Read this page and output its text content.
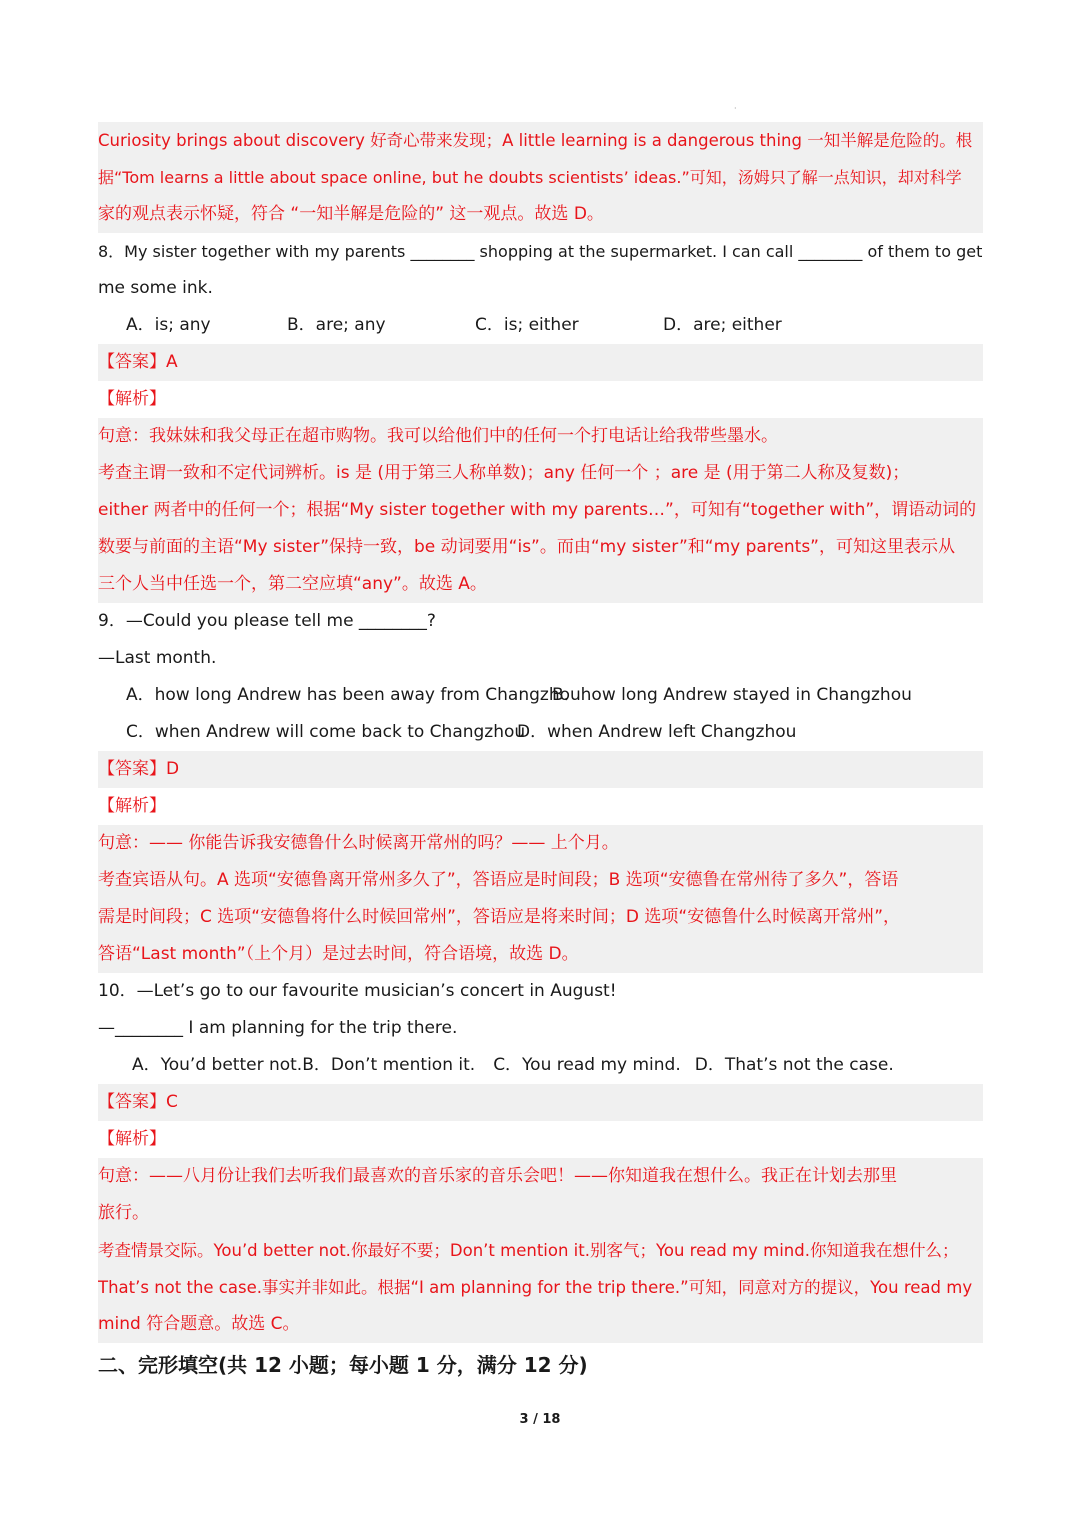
·
Curiosity brings about discovery 好奇心带来发现；A little learning is a dangerous thing 一知半解是危险的。根
据“Tom learns a little about space online, but he doubts scientists’ ideas.”可知，汤姆只了解一点知识，却对科学
家的观点表示怀疑，符合 “一知半解是危险的” 这一观点。故选 D。
8．My sister together with my parents ________ shopping at the supermarket. I can call ________ of them to get
me some ink.
A．is; any	B．are; any	C．is; either	D．are; either
【答案】A
【解析】
句意：我妹妹和我父母正在超市购物。我可以给他们中的任何一个打电话让给我带些墨水。
考查主谓一致和不定代词辨析。is 是 (用于第三人称单数)；any 任何一个 ；are 是 (用于第二人称及复数)；
either 两者中的任何一个；根据“My sister together with my parents…”，可知有“together with”，谓语动词的
数要与前面的主语“My sister”保持一致，be 动词要用“is”。而由“my sister”和“my parents”，可知这里表示从
三个人当中任选一个，第二空应填“any”。故选 A。
9．—Could you please tell me ________?
—Last month.
A．how long Andrew has been away from ChangzhouB．how long Andrew stayed in Changzhou
C．when Andrew will come back to ChangzhouD．when Andrew left Changzhou
【答案】D
【解析】
句意：—— 你能告诉我安德鲁什么时候离开常州的吗？—— 上个月。
考查宾语从句。A 选项“安德鲁离开常州多久了”，答语应是时间段；B 选项“安德鲁在常州待了多久”，答语
需是时间段；C 选项“安德鲁将什么时候回常州”，答语应是将来时间；D 选项“安德鲁什么时候离开常州”，
答语“Last month”（上个月）是过去时间，符合语境，故选 D。
10．—Let’s go to our favourite musician’s concert in August!
—________ I am planning for the trip there.
A．You’d better not.B．Don’t mention it. C．You read my mind. D．That’s not the case.
【答案】C
【解析】
句意：——八月份让我们去听我们最喜欢的音乐家的音乐会吧！——你知道我在想什么。我正在计划去那里
旅行。
考查情景交际。You’d better not.你最好不要；Don’t mention it.别客气；You read my mind.你知道我在想什么；
That’s not the case.事实并非如此。根据“I am planning for the trip there.”可知，同意对方的提议，You read my
mind 符合题意。故选 C。
二、完形填空(共 12 小题；每小题 1 分，满分 12 分)
3 / 18
